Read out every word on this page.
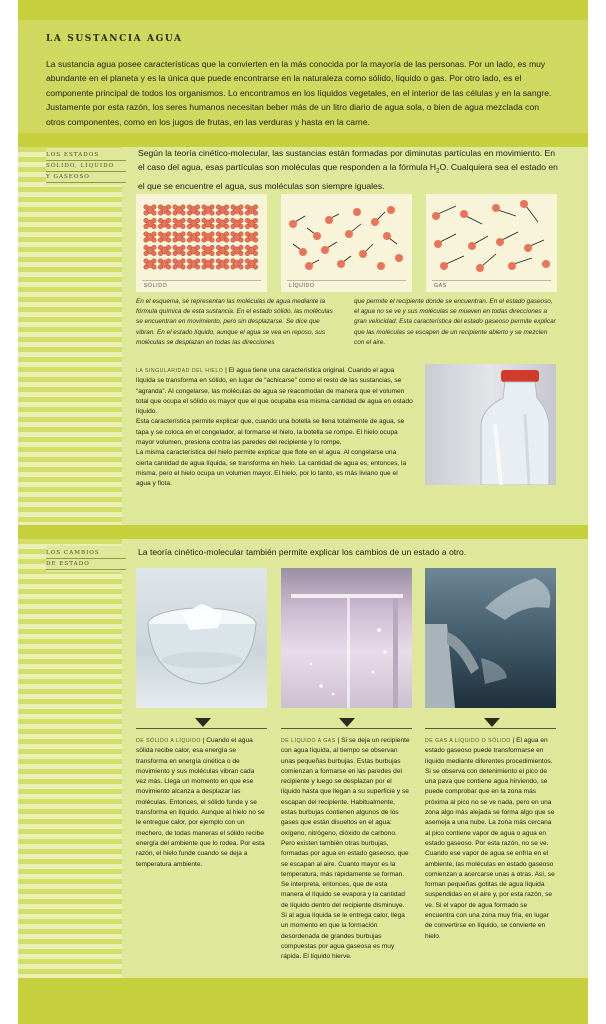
LA SUSTANCIA AGUA

La sustancia agua posee características que la convierten en la más conocida por la mayoría de las personas. Por un lado, es muy abundante en el planeta y es la única que puede encontrarse en la naturaleza como sólido, líquido o gas. Por otro lado, es el componente principal de todos los organismos. Lo encontramos en los líquidos vegetales, en el interior de las células y en la sangre. Justamente por esta razón, los seres humanos necesitan beber más de un litro diario de agua sola, o bien de agua mezclada con otros componentes, como en los jugos de frutas, en las verduras y hasta en la carne.

LOS ESTADOS
SÓLIDO, LÍQUIDO
Y GASEOSO

Según la teoría cinético-molecular, las sustancias están formadas por diminutas partículas en movimiento. En el caso del agua, esas partículas son moléculas que responden a la fórmula $H_2O$. Cualquiera sea el estado en el que se encuentre el agua, sus moléculas son siempre iguales.

SÓLIDO	LÍQUIDO	GAS

En el esquema, se representan las moléculas de agua mediante la fórmula química de esta sustancia. En el estado sólido, las moléculas se encuentran en movimiento, pero sin desplazarse. Se dice que vibran. En el estado líquido, aunque el agua se vea en reposo, sus moléculas se desplazan en todas las direcciones

que permite el recipiente donde se encuentran. En el estado gaseoso, el agua no se ve y sus moléculas se mueven en todas direcciones a gran velocidad. Esta característica del estado gaseoso permite explicar que las moléculas se escapen de un recipiente abierto y se mezclen con el aire.

LA SINGULARIDAD DEL HIELO | El agua tiene una característica original. Cuando el agua líquida se transforma en sólido, en lugar de “achicarse” como el resto de las sustancias, se “agranda”. Al congelarse, las moléculas de agua se reacomodan de manera que el volumen total que ocupa el sólido es mayor que el que ocupaba esa misma cantidad de agua en estado líquido.
Esta característica permite explicar que, cuando una botella se llena totalmente de agua, se tapa y se coloca en el congelador, al formarse el hielo, la botella se rompe. El hielo ocupa mayor volumen, presiona contra las paredes del recipiente y lo rompe.
La misma característica del hielo permite explicar que flote en el agua. Al congelarse una cierta cantidad de agua líquida, se transforma en hielo. La cantidad de agua es, entonces, la misma, pero el hielo ocupa un volumen mayor. El hielo, por lo tanto, es más liviano que el agua y flota.

LOS CAMBIOS
DE ESTADO

La teoría cinético-molecular también permite explicar los cambios de un estado a otro.

DE SÓLIDO A LÍQUIDO | Cuando el agua sólida recibe calor, esa energía se transforma en energía cinética o de movimiento y sus moléculas vibran cada vez más. Llega un momento en que ese movimiento alcanza a desplazar las moléculas. Entonces, el sólido funde y se transforma en líquido. Aunque al hielo no se le entregue calor, por ejemplo con un mechero, de todas maneras el sólido recibe energía del ambiente que lo rodea. Por esta razón, el hielo funde cuando se deja a temperatura ambiente.

DE LÍQUIDO A GAS | Si se deja un recipiente con agua líquida, al tiempo se observan unas pequeñas burbujas. Estas burbujas comienzan a formarse en las paredes del recipiente y luego se desplazan por el líquido hasta que llegan a su superficie y se escapan del recipiente. Habitualmente, estas burbujas contienen algunos de los gases que están disueltos en el agua: oxígeno, nitrógeno, dióxido de carbono. Pero existen también otras burbujas, formadas por agua en estado gaseoso, que se escapan al aire. Cuanto mayor es la temperatura, más rápidamente se forman. Se interpreta, entonces, que de esta manera el líquido se evapora y la cantidad de líquido dentro del recipiente disminuye. Si al agua líquida se le entrega calor, llega un momento en que la formación desordenada de grandes burbujas compuestas por agua gaseosa es muy rápida. El líquido hierve.

DE GAS A LÍQUIDO O SÓLIDO | El agua en estado gaseoso puede transformarse en líquido mediante diferentes procedimientos. Si se observa con detenimiento el pico de una pava que contiene agua hirviendo, se puede comprobar que en la zona más próxima al pico no se ve nada, pero en una zona algo más alejada se forma algo que se asemeja a una nube. La zona más cercana al pico contiene vapor de agua o agua en estado gaseoso. Por esta razón, no se ve. Cuando ese vapor de agua se enfría en el ambiente, las moléculas en estado gaseoso comienzan a acercarse unas a otras. Así, se forman pequeñas gotitas de agua líquida suspendidas en el aire y, por esta razón, se ve. Si el vapor de agua formado se encuentra con una zona muy fría, en lugar de convertirse en líquido, se convierte en hielo.
